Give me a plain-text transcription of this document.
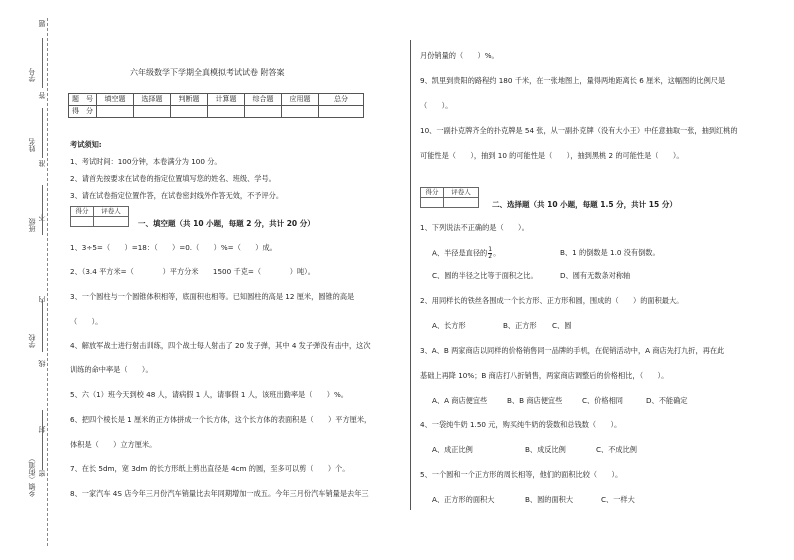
题
学号
答
姓名
准
不
班级
内
学校
线
封
乡镇（街道） 密
六年级数学下学期全真模拟考试试卷 附答案
题　号	填空题	选择题	判断题	计算题	综合题	应用题	总分
得　分							
考试须知:
1、考试时间：100分钟，本卷满分为 100 分。
2、请首先按要求在试卷的指定位置填写您的姓名、班级、学号。
3、请在试卷指定位置作答，在试卷密封线外作答无效，不予评分。
得分	评卷人

一、填空题（共 10 小题，每题 2 分，共计 20 分）
1、3÷5=（　　）=18：（　　）=0.（　　）%=（　　）成。
2、（3.4 平方米=（　　　　）平方分米　　1500 千克=（　　　　）吨）。
3、一个圆柱与一个圆锥体积相等，底面积也相等。已知圆柱的高是 12 厘米，圆锥的高是
（　　）。
4、解放军战士进行射击训练，四个战士每人射击了 20 发子弹，其中 4 发子弹没有击中，这次
训练的命中率是（　　）。
5、六（1）班今天到校 48 人，请病假 1 人，请事假 1 人，该班出勤率是（　　）%。
6、把四个棱长是 1 厘米的正方体拼成一个长方体，这个长方体的表面积是（　　）平方厘米，
体积是（　　）立方厘米。
7、在长 5dm，宽 3dm 的长方形纸上剪出直径是 4cm 的圆，至多可以剪（　　）个。
8、一家汽车 4S 店今年三月份汽车销量比去年同期增加一成五。今年三月份汽车销量是去年三
月份销量的（　　）%。
9、凯里到贵阳的路程约 180 千米，在一张地图上，量得两地距离长 6 厘米，这幅图的比例尺是
（　　）。
10、一副扑克牌齐全的扑克牌是 54 张，从一副扑克牌（没有大小王）中任意抽取一张，抽到红桃的
可能性是（　　），抽到 10 的可能性是（　　），抽到黑桃 2 的可能性是（　　）。
得分	评卷人

二、选择题（共 10 小题，每题 1.5 分，共计 15 分）
1、下列说法不正确的是（　　）。
A、半径是直径的 $\frac{1}{2}$ 。	B、1 的倒数是 1.0 没有倒数。
C、圆的半径之比等于面积之比。	D、圆有无数条对称轴
2、用同样长的铁丝各围成一个长方形、正方形和圆，围成的（　　）的面积最大。
A、长方形	B、正方形 C、圆
3、A、B 两家商店以同样的价格销售同一品牌的手机，在促销活动中，A 商店先打九折，再在此
基础上再降 10%；B 商店打八折销售，两家商店调整后的价格相比，（　　）。
A、A 商店便宜些	B、B 商店便宜些	C、价格相同	D、不能确定
4、一袋纯牛奶 1.50 元，购买纯牛奶的袋数和总钱数（　　）。
A、成正比例	B、成反比例	C、不成比例
5、一个圆和一个正方形的周长相等，他们的面积比较（　　）。
A、正方形的面积大	B、圆的面积大	C、一样大
